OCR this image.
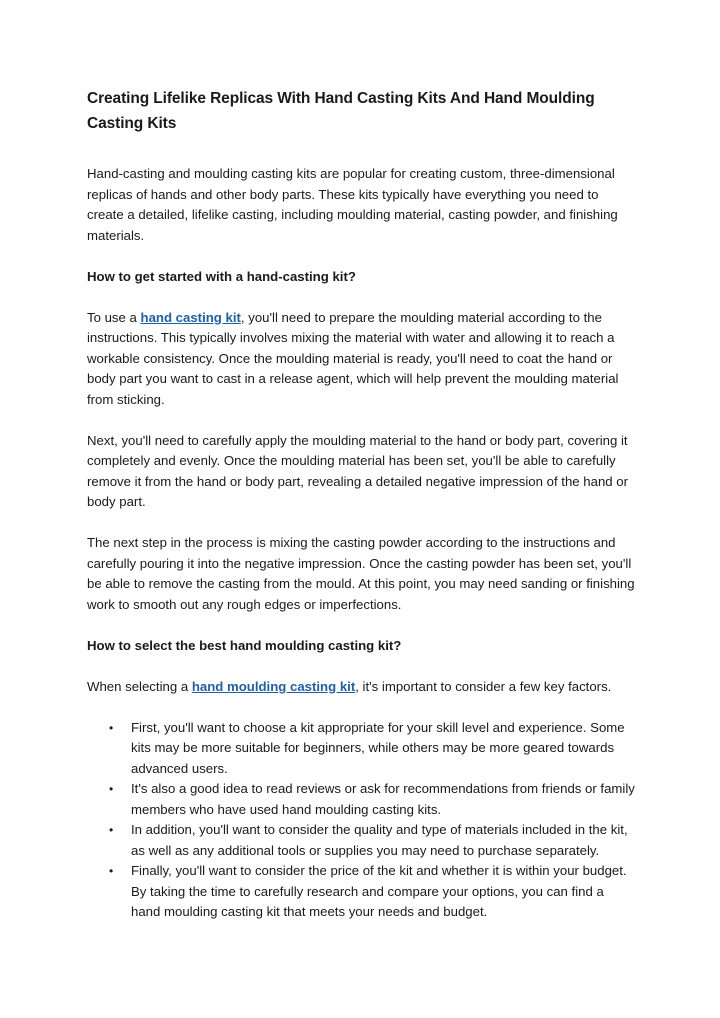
Creating Lifelike Replicas With Hand Casting Kits And Hand Moulding Casting Kits

Hand-casting and moulding casting kits are popular for creating custom, three-dimensional replicas of hands and other body parts. These kits typically have everything you need to create a detailed, lifelike casting, including moulding material, casting powder, and finishing materials.

How to get started with a hand-casting kit?

To use a hand casting kit, you'll need to prepare the moulding material according to the instructions. This typically involves mixing the material with water and allowing it to reach a workable consistency. Once the moulding material is ready, you'll need to coat the hand or body part you want to cast in a release agent, which will help prevent the moulding material from sticking.

Next, you'll need to carefully apply the moulding material to the hand or body part, covering it completely and evenly. Once the moulding material has been set, you'll be able to carefully remove it from the hand or body part, revealing a detailed negative impression of the hand or body part.

The next step in the process is mixing the casting powder according to the instructions and carefully pouring it into the negative impression. Once the casting powder has been set, you'll be able to remove the casting from the mould. At this point, you may need sanding or finishing work to smooth out any rough edges or imperfections.

How to select the best hand moulding casting kit?

When selecting a hand moulding casting kit, it's important to consider a few key factors.

• First, you'll want to choose a kit appropriate for your skill level and experience. Some kits may be more suitable for beginners, while others may be more geared towards advanced users.
• It's also a good idea to read reviews or ask for recommendations from friends or family members who have used hand moulding casting kits.
• In addition, you'll want to consider the quality and type of materials included in the kit, as well as any additional tools or supplies you may need to purchase separately.
• Finally, you'll want to consider the price of the kit and whether it is within your budget. By taking the time to carefully research and compare your options, you can find a hand moulding casting kit that meets your needs and budget.
